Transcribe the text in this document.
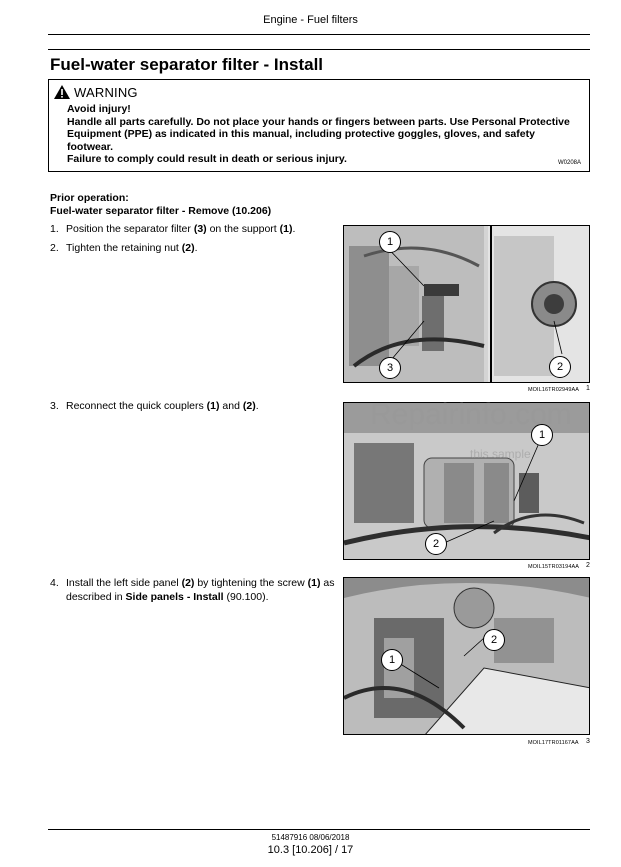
Engine - Fuel filters
Fuel-water separator filter - Install
WARNING
Avoid injury!
Handle all parts carefully. Do not place your hands or fingers between parts. Use Personal Protective Equipment (PPE) as indicated in this manual, including protective goggles, gloves, and safety footwear.
Failure to comply could result in death or serious injury.	W0208A
Prior operation:
Fuel-water separator filter - Remove (10.206)
1. Position the separator filter (3) on the support (1).
2. Tighten the retaining nut (2).
3. Reconnect the quick couplers (1) and (2).
4. Install the left side panel (2) by tightening the screw (1) as described in Side panels - Install (90.100).
1
2
3
MOIL16TR02949AA 1
1
2
MOIL15TR03194AA 2
1
2
MOIL17TR01167AA 3
Repairinfo.com
this sample
51487916 08/06/2018
10.3 [10.206] / 17
